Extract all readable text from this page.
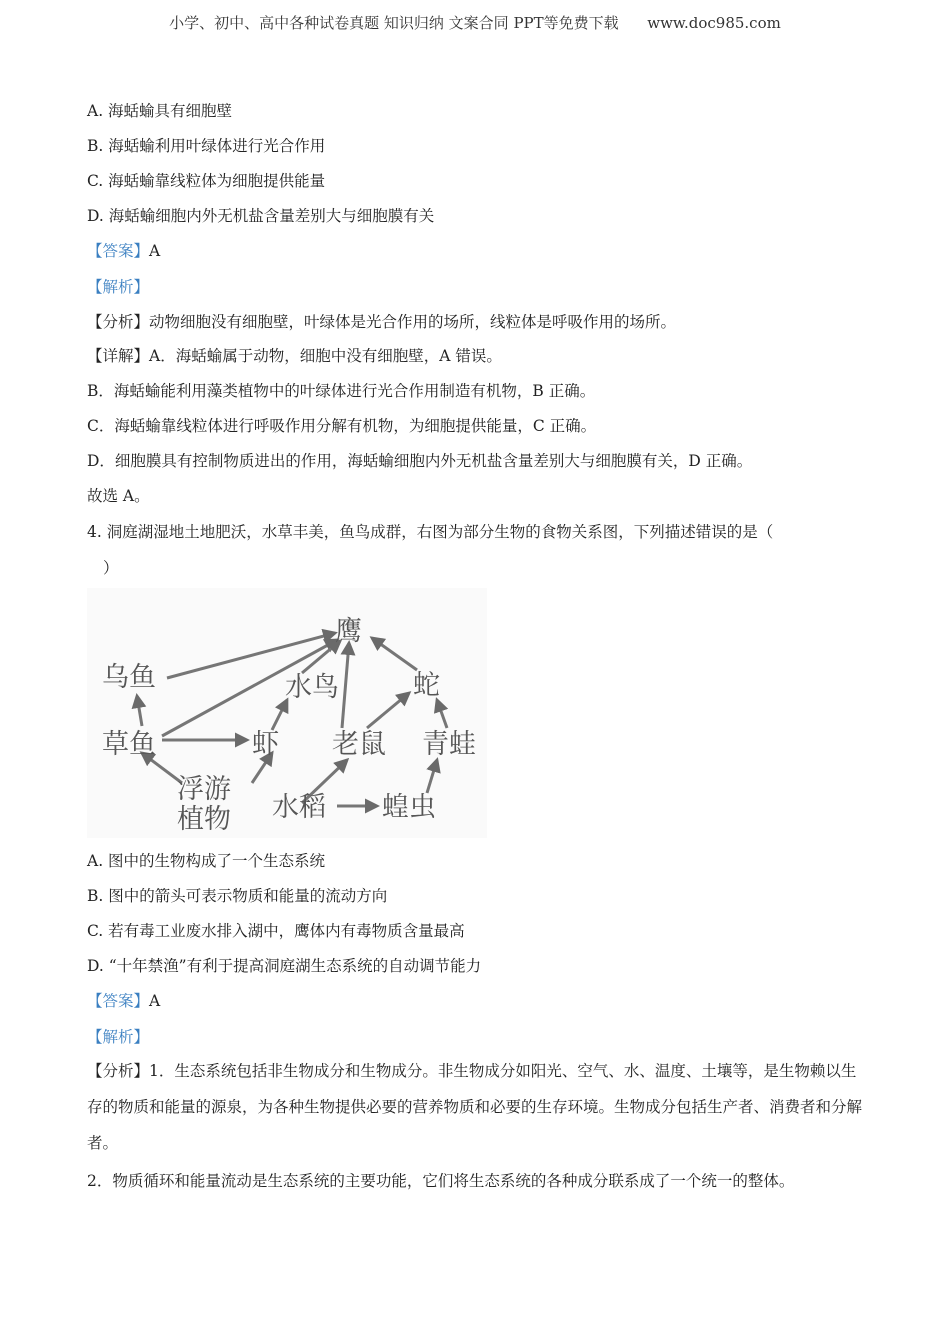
小学、初中、高中各种试卷真题 知识归纳 文案合同 PPT等免费下载      www.doc985.com
A. 海蛞蝓具有细胞壁
B. 海蛞蝓利用叶绿体进行光合作用
C. 海蛞蝓靠线粒体为细胞提供能量
D. 海蛞蝓细胞内外无机盐含量差别大与细胞膜有关
【答案】A
【解析】
【分析】动物细胞没有细胞壁，叶绿体是光合作用的场所，线粒体是呼吸作用的场所。
【详解】A．海蛞蝓属于动物，细胞中没有细胞壁，A 错误。
B．海蛞蝓能利用藻类植物中的叶绿体进行光合作用制造有机物，B 正确。
C．海蛞蝓靠线粒体进行呼吸作用分解有机物，为细胞提供能量，C 正确。
D．细胞膜具有控制物质进出的作用，海蛞蝓细胞内外无机盐含量差别大与细胞膜有关，D 正确。
故选 A。
4. 洞庭湖湿地土地肥沃，水草丰美，鱼鸟成群，右图为部分生物的食物关系图，下列描述错误的是（
）
鹰
乌鱼	水鸟	蛇
草鱼	虾 老鼠 青蛙
浮游
植物 水稻 蝗虫
A. 图中的生物构成了一个生态系统
B. 图中的箭头可表示物质和能量的流动方向
C. 若有毒工业废水排入湖中，鹰体内有毒物质含量最高
D. “十年禁渔”有利于提高洞庭湖生态系统的自动调节能力
【答案】A
【解析】
【分析】1．生态系统包括非生物成分和生物成分。非生物成分如阳光、空气、水、温度、土壤等，是生物赖以生存的物质和能量的源泉，为各种生物提供必要的营养物质和必要的生存环境。生物成分包括生产者、消费者和分解者。
2．物质循环和能量流动是生态系统的主要功能，它们将生态系统的各种成分联系成了一个统一的整体。
